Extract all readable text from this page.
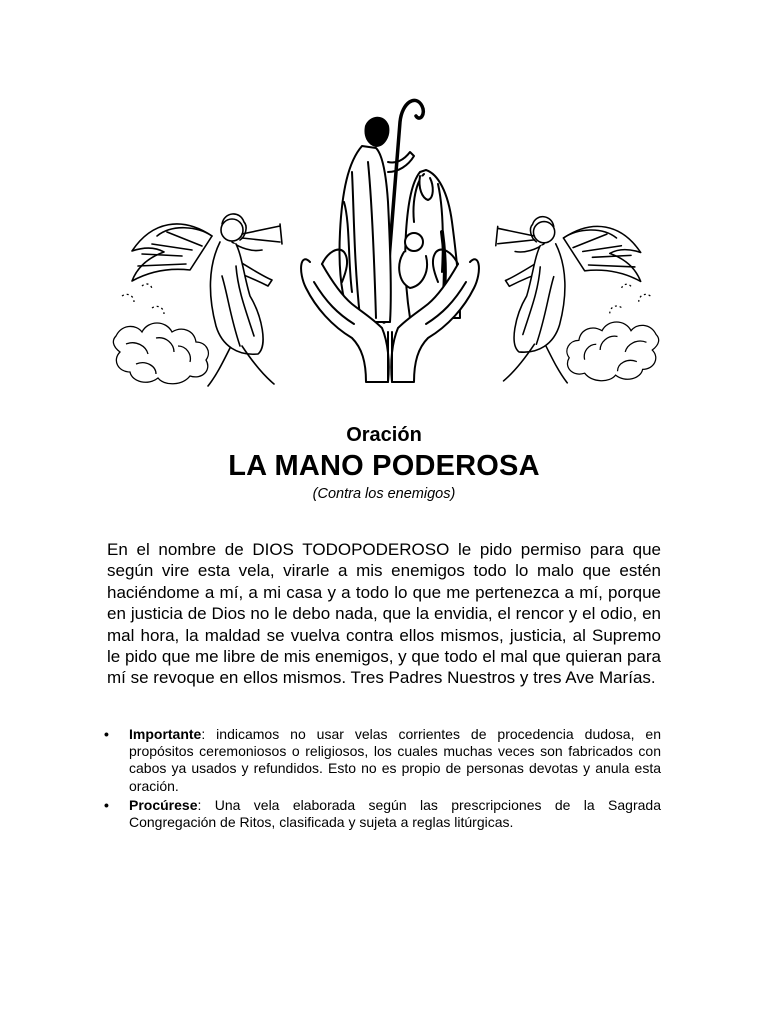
Oración
LA MANO PODEROSA
(Contra los enemigos)

En el nombre de DIOS TODOPODEROSO le pido permiso para que según vire esta vela, virarle a mis enemigos todo lo malo que estén haciéndome a mí, a mi casa y a todo lo que me pertenezca a mí, porque en justicia de Dios no le debo nada, que la envidia, el rencor y el odio, en mal hora, la maldad se vuelva contra ellos mismos, justicia, al Supremo le pido que me libre de mis enemigos, y que todo el mal que quieran para mí se revoque en ellos mismos. Tres Padres Nuestros y tres Ave Marías.

• Importante: indicamos no usar velas corrientes de procedencia dudosa, en propósitos ceremoniosos o religiosos, los cuales muchas veces son fabricados con cabos ya usados y refundidos. Esto no es propio de personas devotas y anula esta oración.
• Procúrese: Una vela elaborada según las prescripciones de la Sagrada Congregación de Ritos, clasificada y sujeta a reglas litúrgicas.
